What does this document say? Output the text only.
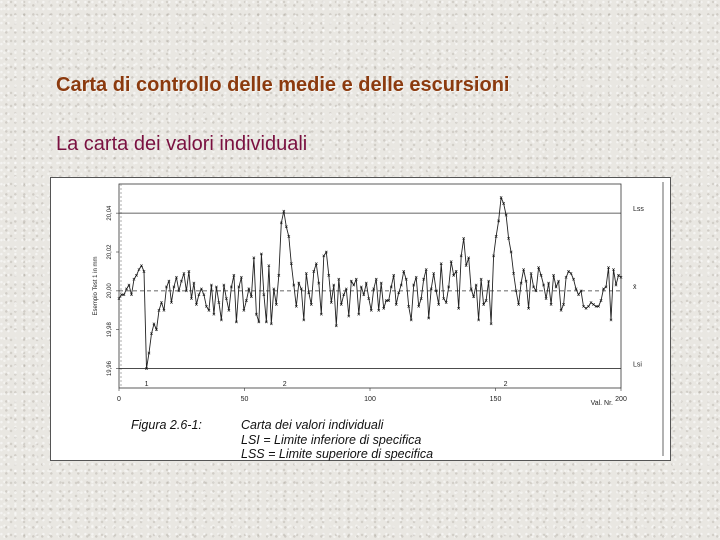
Carta di controllo delle medie e delle escursioni
La carta dei valori individuali
Lss
x̄
Lsi
19,96
19,98
20,00
20,02
20,04
Esempio Test 1 in mm
0	50	100	150	200
Val. Nr.
1	2	2
Figura 2.6-1:	Carta dei valori individuali
LSI = Limite inferiore di specifica
LSS = Limite superiore di specifica
